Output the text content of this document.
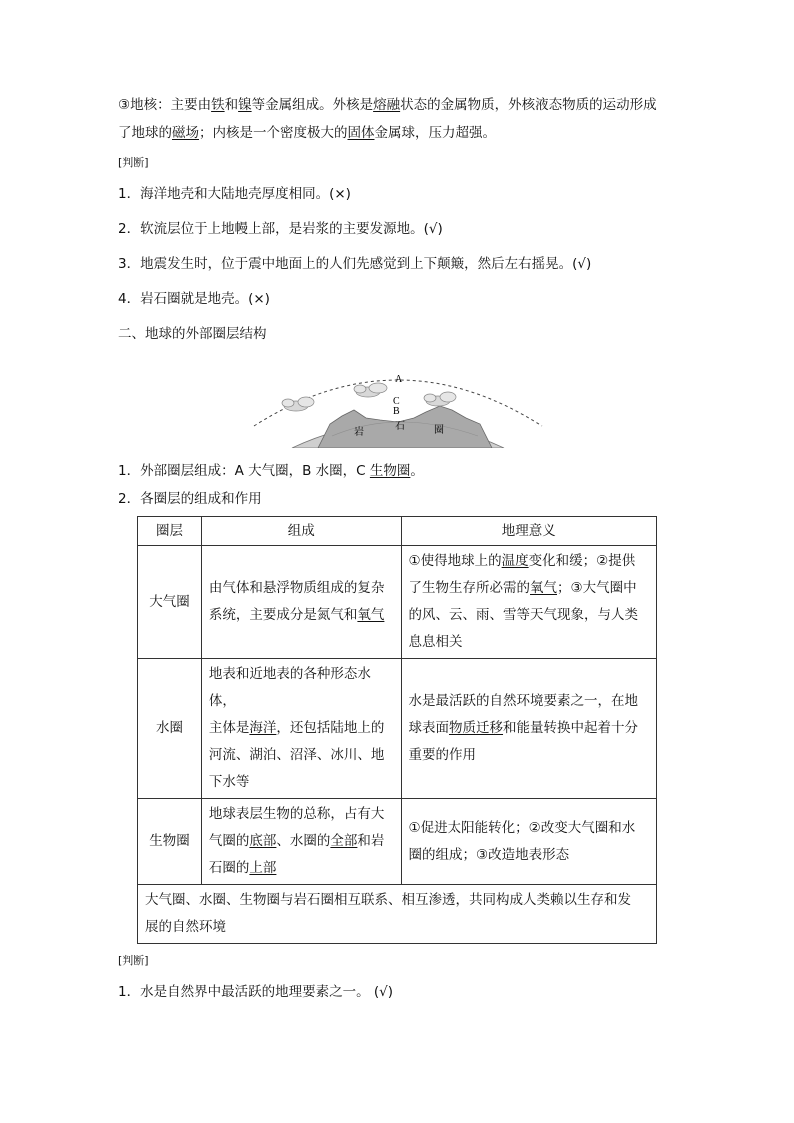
③地核：主要由铁和镍等金属组成。外核是熔融状态的金属物质，外核液态物质的运动形成
了地球的磁场；内核是一个密度极大的固体金属球，压力超强。
[判断]
1．海洋地壳和大陆地壳厚度相同。(×)
2．软流层位于上地幔上部，是岩浆的主要发源地。(√)
3．地震发生时，位于震中地面上的人们先感觉到上下颠簸，然后左右摇晃。(√)
4．岩石圈就是地壳。(×)
二、地球的外部圈层结构
A
C
B
岩
石	圈
1．外部圈层组成：A 大气圈，B 水圈，C 生物圈。
2．各圈层的组成和作用
圈层	组成	地理意义
大气圈	由气体和悬浮物质组成的复杂
系统，主要成分是氮气和氧气	①使得地球上的温度变化和缓；②提供
了生物生存所必需的氧气；③大气圈中
的风、云、雨、雪等天气现象，与人类
息息相关
水圈	地表和近地表的各种形态水体，
主体是海洋，还包括陆地上的
河流、湖泊、沼泽、冰川、地
下水等	水是最活跃的自然环境要素之一，在地
球表面物质迁移和能量转换中起着十分
重要的作用
生物圈	地球表层生物的总称，占有大
气圈的底部、水圈的全部和岩
石圈的上部	①促进太阳能转化；②改变大气圈和水
圈的组成；③改造地表形态
大气圈、水圈、生物圈与岩石圈相互联系、相互渗透，共同构成人类赖以生存和发
展的自然环境		
[判断]
1．水是自然界中最活跃的地理要素之一。 (√)
